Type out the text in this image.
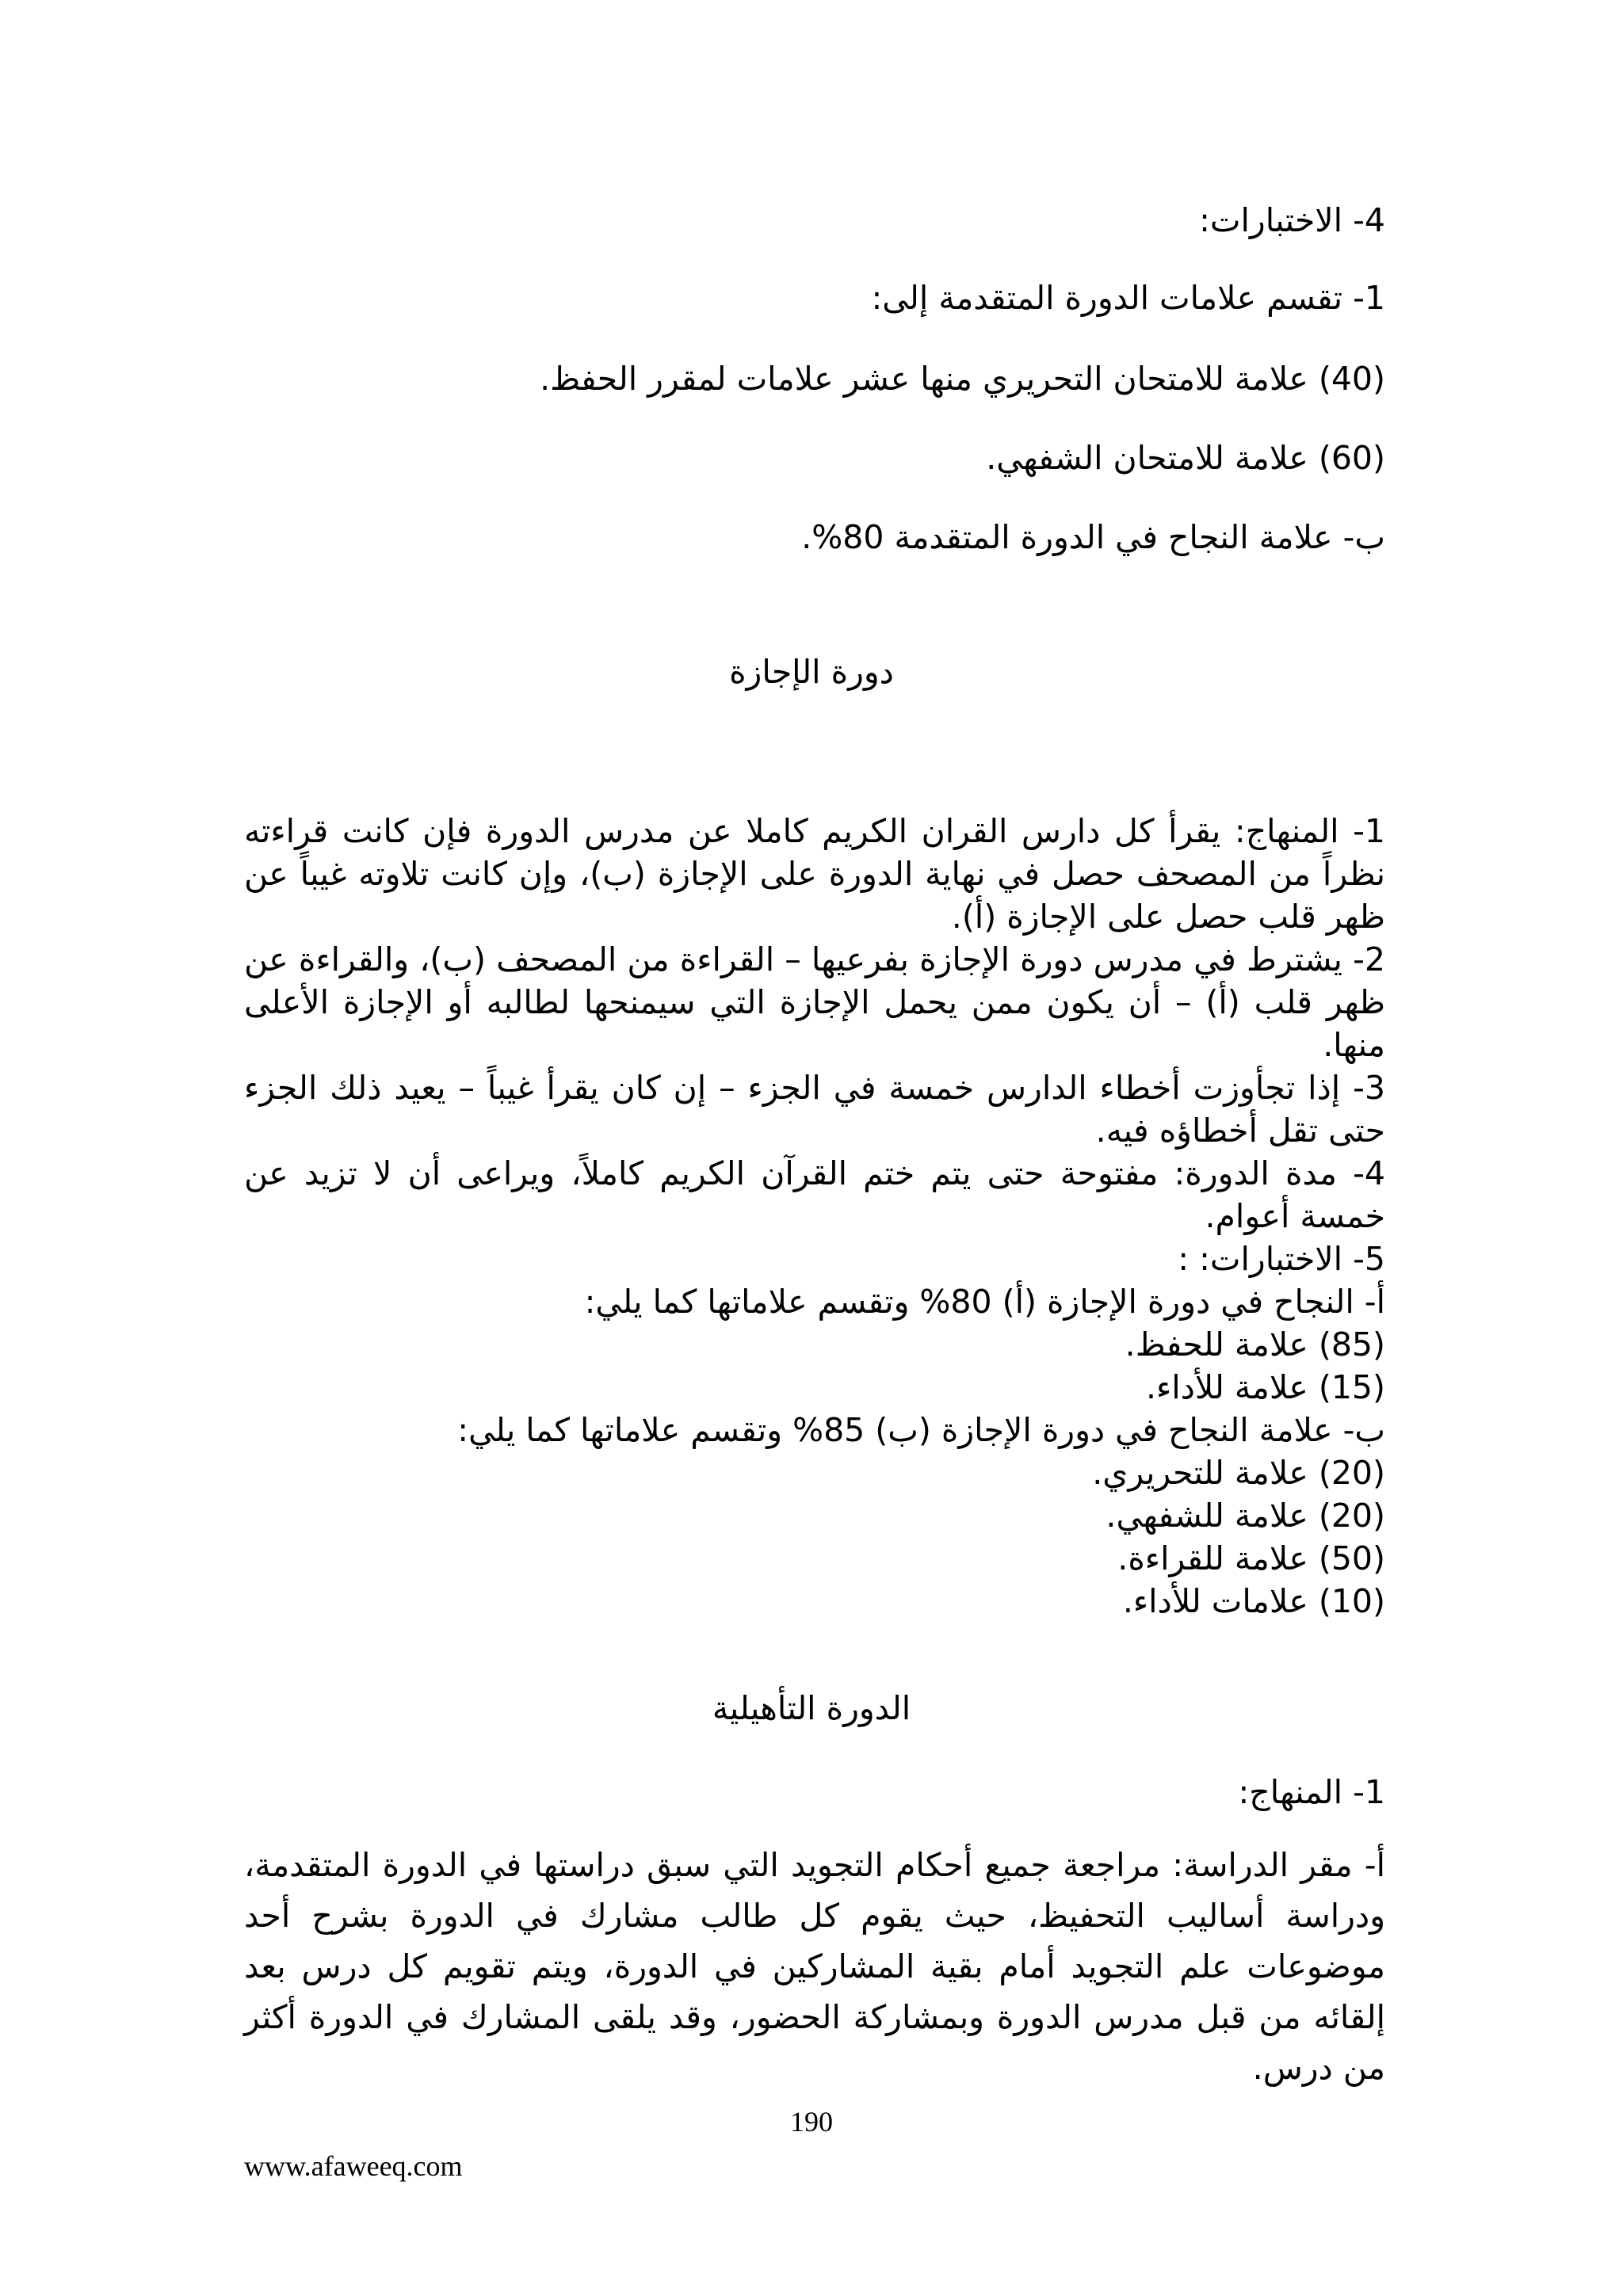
4- الاختبارات:
1- تقسم علامات الدورة المتقدمة إلى:
(40) علامة للامتحان التحريري منها عشر علامات لمقرر الحفظ.
(60) علامة للامتحان الشفهي.
ب- علامة النجاح في الدورة المتقدمة 80%.
دورة الإجازة

1- المنهاج: يقرأ كل دارس القران الكريم كاملا عن مدرس الدورة فإن كانت قراءته نظراً من المصحف حصل في نهاية الدورة على الإجازة (ب)، وإن كانت تلاوته غيباً عن ظهر قلب حصل على الإجازة (أ).

2- يشترط في مدرس دورة الإجازة بفرعيها – القراءة من المصحف (ب)، والقراءة عن ظهر قلب (أ) – أن يكون ممن يحمل الإجازة التي سيمنحها لطالبه أو الإجازة الأعلى منها.

3- إذا تجأوزت أخطاء الدارس خمسة في الجزء – إن كان يقرأ غيباً – يعيد ذلك الجزء حتى تقل أخطاؤه فيه.

4- مدة الدورة: مفتوحة حتى يتم ختم القرآن الكريم كاملاً، ويراعى أن لا تزيد عن خمسة أعوام.

5- الاختبارات: :

أ- النجاح في دورة الإجازة (أ) 80% وتقسم علاماتها كما يلي:

(85) علامة للحفظ.

(15) علامة للأداء.

ب- علامة النجاح في دورة الإجازة (ب) 85% وتقسم علاماتها كما يلي:

(20) علامة للتحريري.

(20) علامة للشفهي.

(50) علامة للقراءة.

(10) علامات للأداء.

الدورة التأهيلية
1- المنهاج:

أ- مقر الدراسة: مراجعة جميع أحكام التجويد التي سبق دراستها في الدورة المتقدمة، ودراسة أساليب التحفيظ، حيث يقوم كل طالب مشارك في الدورة بشرح أحد موضوعات علم التجويد أمام بقية المشاركين في الدورة، ويتم تقويم كل درس بعد إلقائه من قبل مدرس الدورة وبمشاركة الحضور، وقد يلقى المشارك في الدورة أكثر من درس.

190
www.afaweeq.com
